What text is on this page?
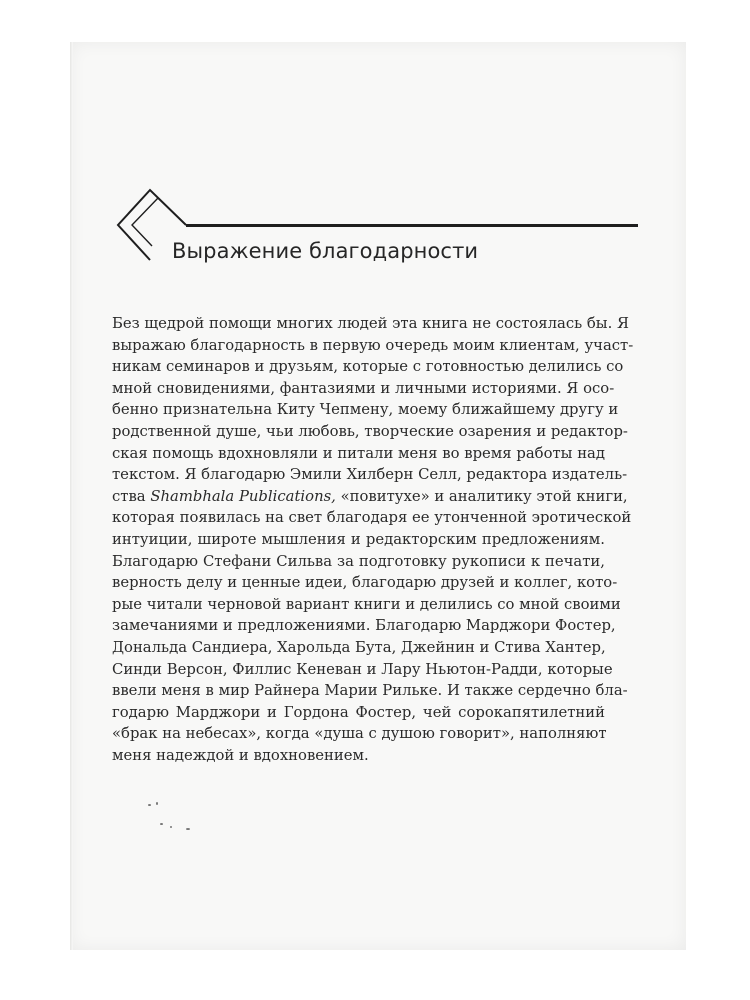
Выражение благодарности
Без щедрой помощи многих людей эта книга не состоялась бы. Я
выражаю благодарность в первую очередь моим клиентам, участ-
никам семинаров и друзьям, которые с готовностью делились со
мной сновидениями, фантазиями и личными историями. Я осо-
бенно признательна Киту Чепмену, моему ближайшему другу и
родственной душе, чьи любовь, творческие озарения и редактор-
ская помощь вдохновляли и питали меня во время работы над
текстом. Я благодарю Эмили Хилберн Селл, редактора издатель-
ства Shambhala Publications, «повитухе» и аналитику этой книги,
которая появилась на свет благодаря ее утонченной эротической
интуиции, широте мышления и редакторским предложениям.
Благодарю Стефани Сильва за подготовку рукописи к печати,
верность делу и ценные идеи, благодарю друзей и коллег, кото-
рые читали черновой вариант книги и делились со мной своими
замечаниями и предложениями. Благодарю Марджори Фостер,
Дональда Сандиера, Харольда Бута, Джейнин и Стива Хантер,
Синди Версон, Филлис Кеневан и Лару Ньютон-Радди, которые
ввели меня в мир Райнера Марии Рильке. И также сердечно бла-
годарю Марджори и Гордона Фостер, чей сорокапятилетний
«брак на небесах», когда «душа с душою говорит», наполняют
меня надеждой и вдохновением.
